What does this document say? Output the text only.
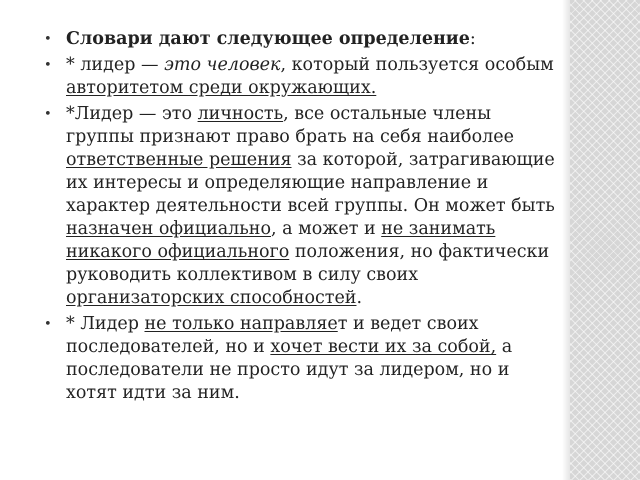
• Словари дают следующее определение:
• * лидер — это человек, который пользуется особым авторитетом среди окружающих.
• *Лидер — это личность, все остальные члены группы признают право брать на себя наиболее ответственные решения за которой, затрагивающие их интересы и определяющие направление и характер деятельности всей группы. Он может быть назначен официально, а может и не занимать никакого официального положения, но фактически руководить коллективом в силу своих организаторских способностей.
• * Лидер не только направляет и ведет своих последователей, но и хочет вести их за собой, а последователи не просто идут за лидером, но и хотят идти за ним.
